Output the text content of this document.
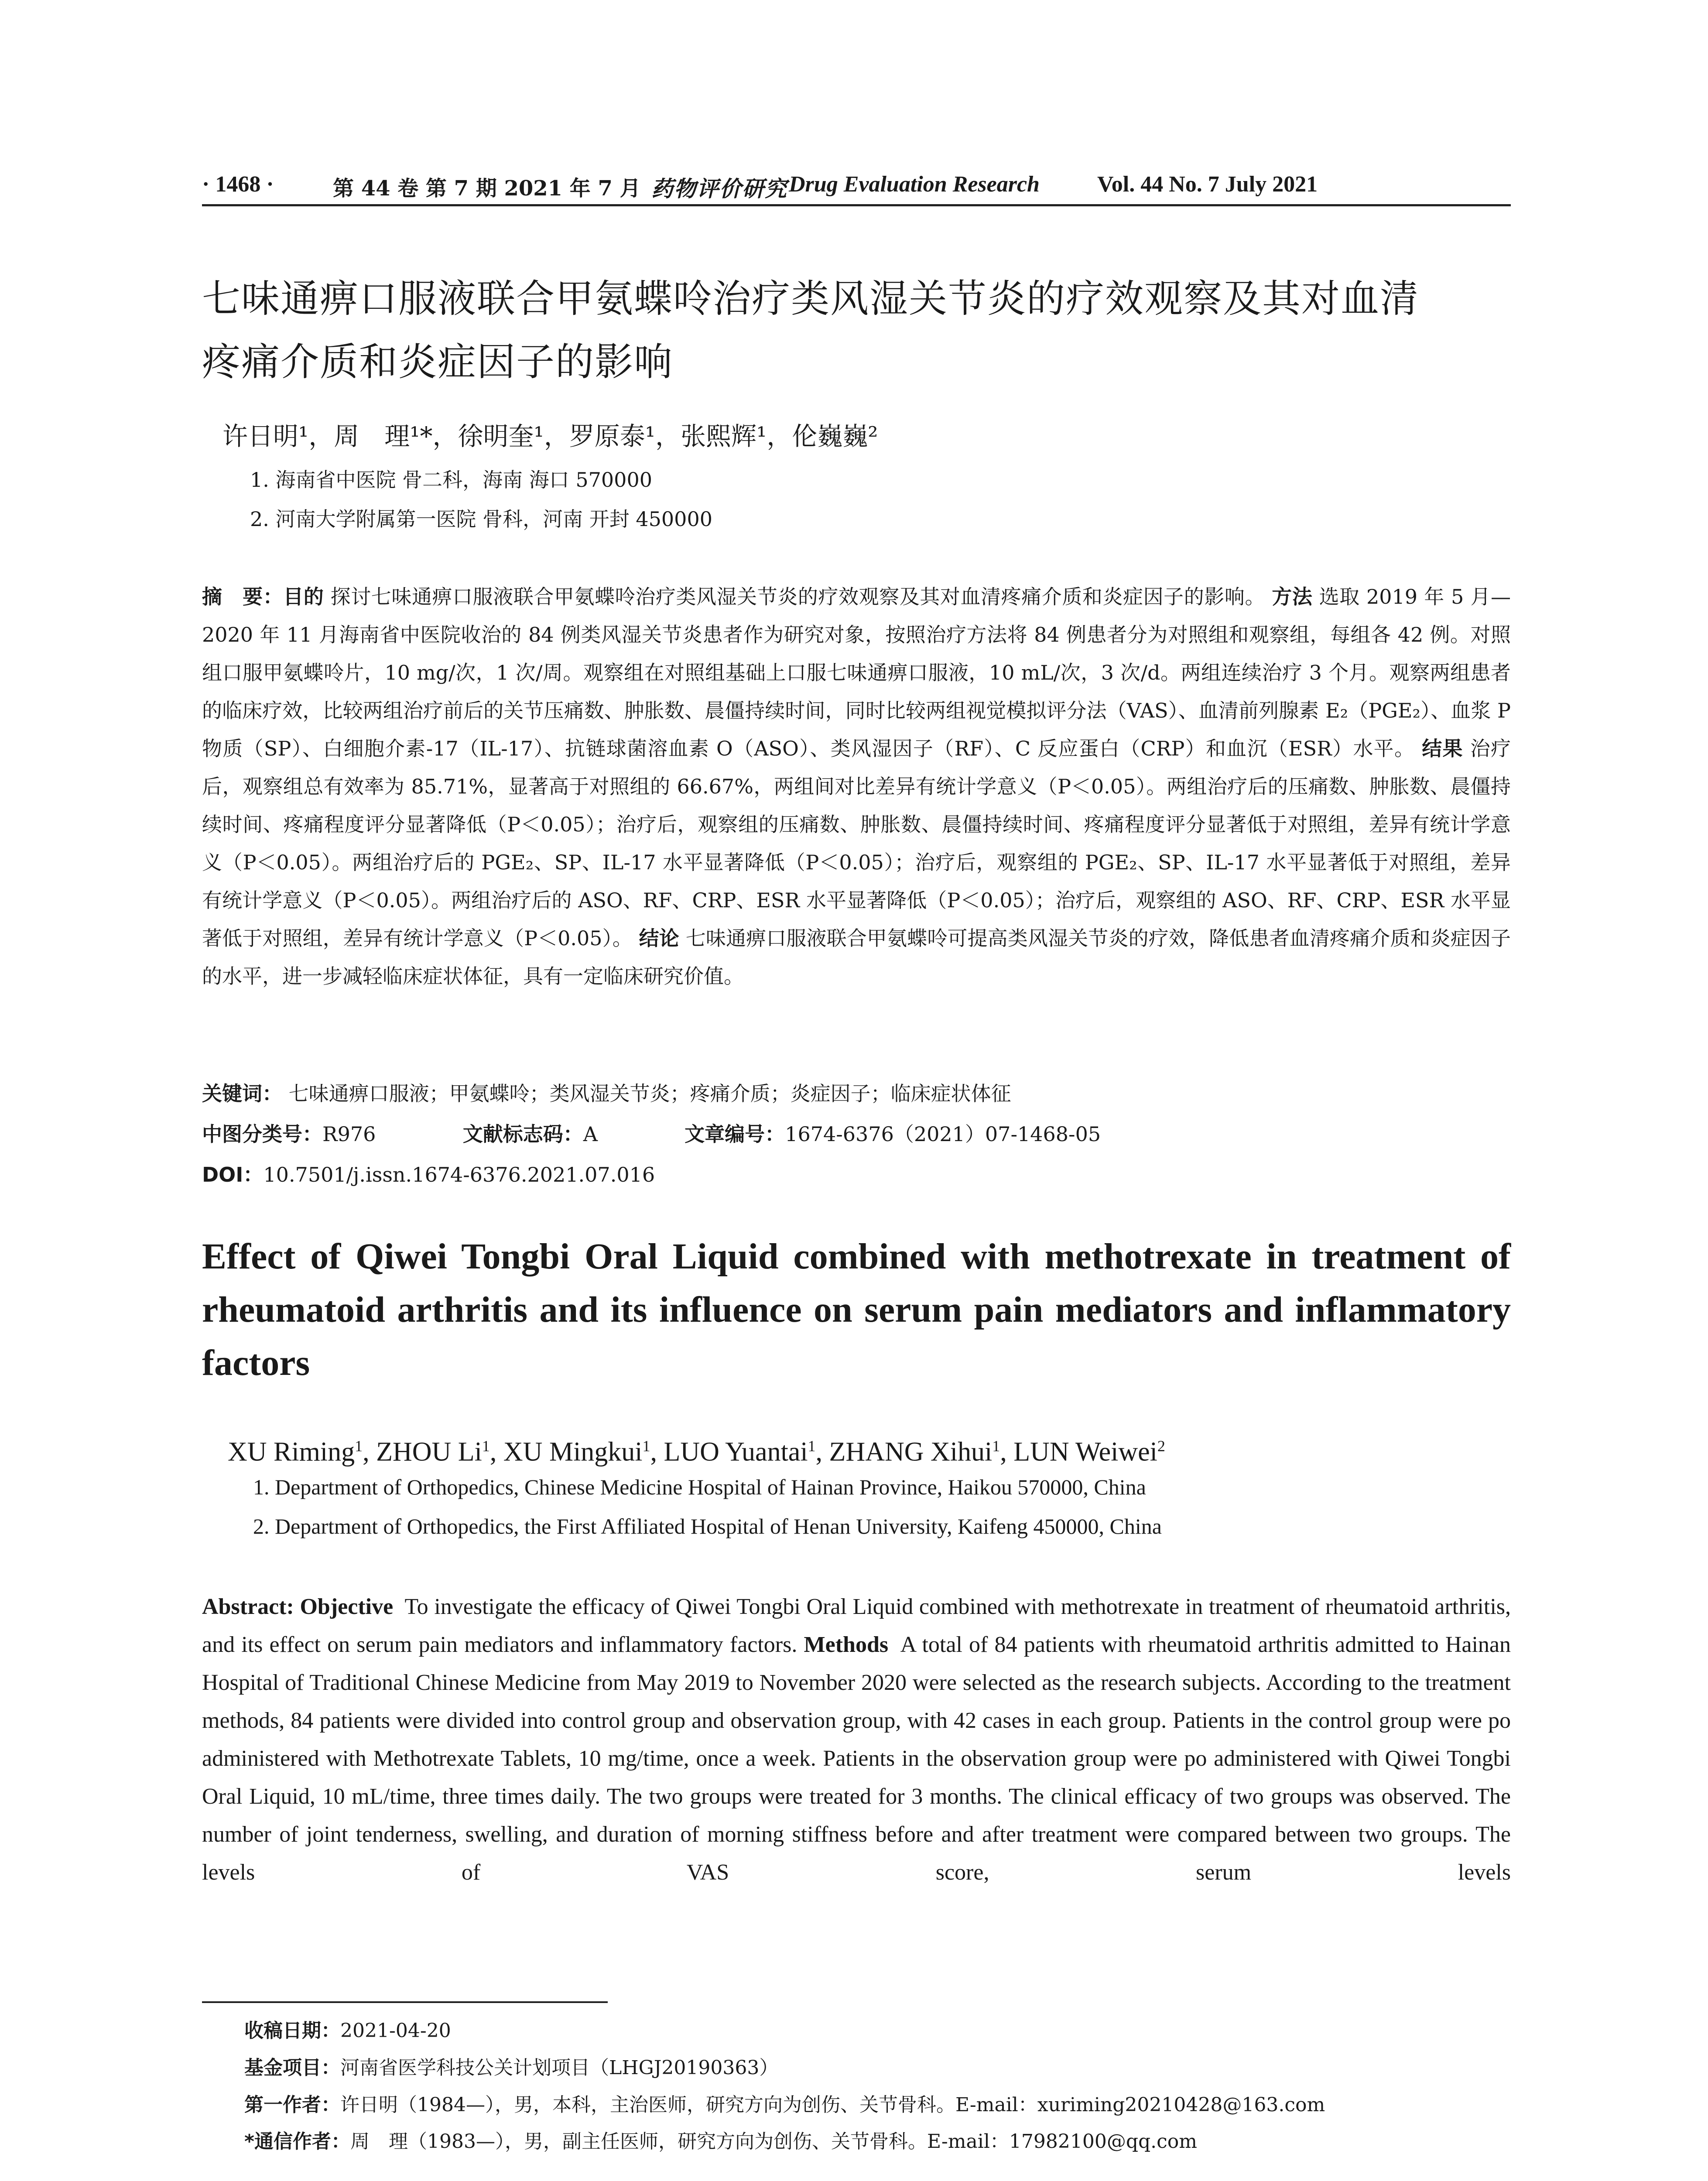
· 1468 ·	第 44 卷 第 7 期 2021 年 7 月 药物评价研究 Drug Evaluation Research	Vol. 44 No. 7 July 2021
七味通痹口服液联合甲氨蝶呤治疗类风湿关节炎的疗效观察及其对血清
疼痛介质和炎症因子的影响
许日明¹，周　理¹*，徐明奎¹，罗原泰¹，张熙辉¹，伦巍巍²
1. 海南省中医院 骨二科，海南 海口 570000
2. 河南大学附属第一医院 骨科，河南 开封 450000
摘　要：目的 探讨七味通痹口服液联合甲氨蝶呤治疗类风湿关节炎的疗效观察及其对血清疼痛介质和炎症因子的影响。 方法 选取 2019 年 5 月—2020 年 11 月海南省中医院收治的 84 例类风湿关节炎患者作为研究对象，按照治疗方法将 84 例患者分为对照组和观察组，每组各 42 例。对照组口服甲氨蝶呤片，10 mg/次，1 次/周。观察组在对照组基础上口服七味通痹口服液，10 mL/次，3 次/d。两组连续治疗 3 个月。观察两组患者的临床疗效，比较两组治疗前后的关节压痛数、肿胀数、晨僵持续时间，同时比较两组视觉模拟评分法（VAS）、血清前列腺素 E₂（PGE₂）、血浆 P 物质（SP）、白细胞介素-17（IL-17）、抗链球菌溶血素 O（ASO）、类风湿因子（RF）、C 反应蛋白（CRP）和血沉（ESR）水平。 结果 治疗后，观察组总有效率为 85.71%，显著高于对照组的 66.67%，两组间对比差异有统计学意义（P＜0.05）。两组治疗后的压痛数、肿胀数、晨僵持续时间、疼痛程度评分显著降低（P＜0.05）；治疗后，观察组的压痛数、肿胀数、晨僵持续时间、疼痛程度评分显著低于对照组，差异有统计学意义（P＜0.05）。两组治疗后的 PGE₂、SP、IL-17 水平显著降低（P＜0.05）；治疗后，观察组的 PGE₂、SP、IL-17 水平显著低于对照组，差异有统计学意义（P＜0.05）。两组治疗后的 ASO、RF、CRP、ESR 水平显著降低（P＜0.05）；治疗后，观察组的 ASO、RF、CRP、ESR 水平显著低于对照组，差异有统计学意义（P＜0.05）。 结论 七味通痹口服液联合甲氨蝶呤可提高类风湿关节炎的疗效，降低患者血清疼痛介质和炎症因子的水平，进一步减轻临床症状体征，具有一定临床研究价值。
关键词： 七味通痹口服液；甲氨蝶呤；类风湿关节炎；疼痛介质；炎症因子；临床症状体征
中图分类号：R976	文献标志码：A	文章编号：1674-6376（2021）07-1468-05
DOI：10.7501/j.issn.1674-6376.2021.07.016
Effect of Qiwei Tongbi Oral Liquid combined with methotrexate in treatment of rheumatoid arthritis and its influence on serum pain mediators and inflammatory factors
XU Riming$^1$, ZHOU Li$^1$, XU Mingkui$^1$, LUO Yuantai$^1$, ZHANG Xihui$^1$, LUN Weiwei$^2$
1. Department of Orthopedics, Chinese Medicine Hospital of Hainan Province, Haikou 570000, China
2. Department of Orthopedics, the First Affiliated Hospital of Henan University, Kaifeng 450000, China
Abstract: Objective To investigate the efficacy of Qiwei Tongbi Oral Liquid combined with methotrexate in treatment of rheumatoid arthritis, and its effect on serum pain mediators and inflammatory factors. Methods A total of 84 patients with rheumatoid arthritis admitted to Hainan Hospital of Traditional Chinese Medicine from May 2019 to November 2020 were selected as the research subjects. According to the treatment methods, 84 patients were divided into control group and observation group, with 42 cases in each group. Patients in the control group were po administered with Methotrexate Tablets, 10 mg/time, once a week. Patients in the observation group were po administered with Qiwei Tongbi Oral Liquid, 10 mL/time, three times daily. The two groups were treated for 3 months. The clinical efficacy of two groups was observed. The number of joint tenderness, swelling, and duration of morning stiffness before and after treatment were compared between two groups. The levels of VAS score, serum levels
收稿日期：2021-04-20
基金项目：河南省医学科技公关计划项目（LHGJ20190363）
第一作者：许日明（1984—），男，本科，主治医师，研究方向为创伤、关节骨科。E-mail：xuriming20210428@163.com
*通信作者：周　理（1983—），男，副主任医师，研究方向为创伤、关节骨科。E-mail：17982100@qq.com
